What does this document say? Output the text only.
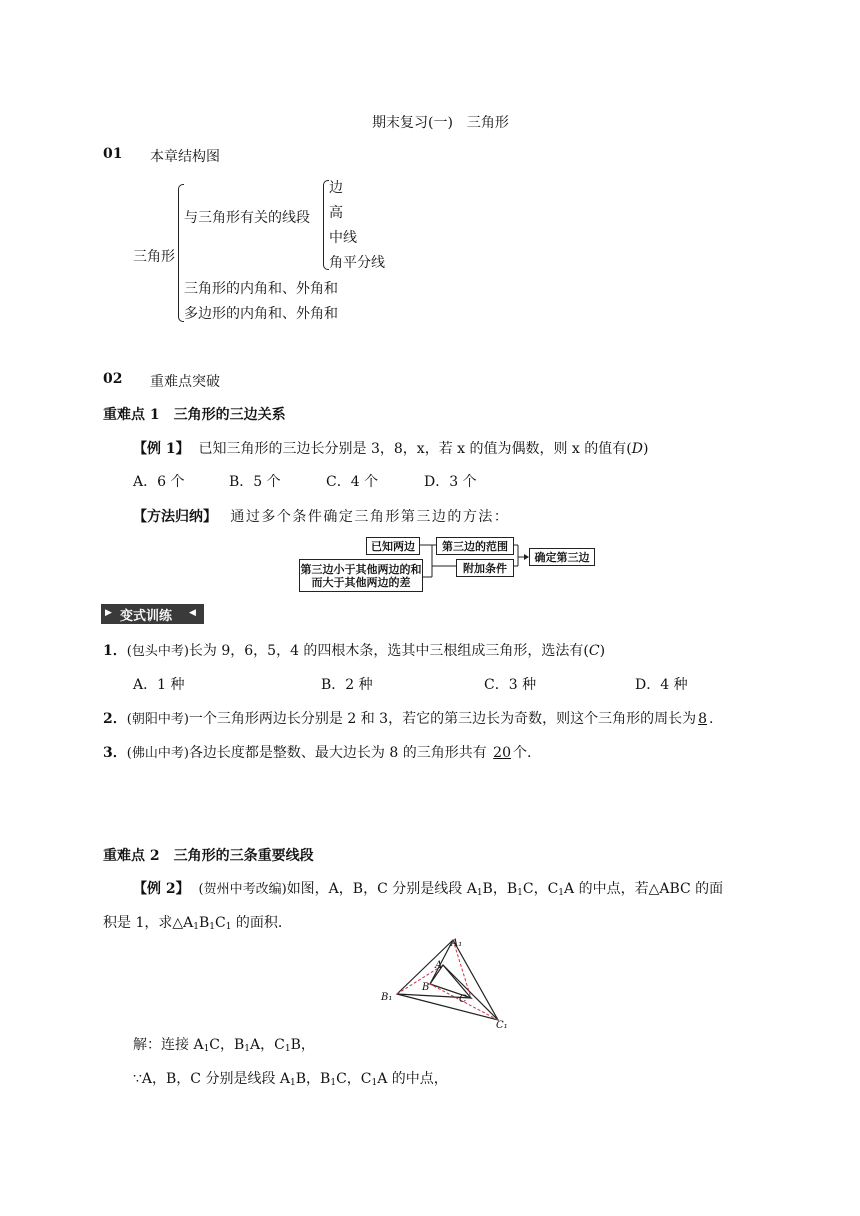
期末复习(一)　三角形
01 本章结构图
三角形
与三角形有关的线段
边
高
中线
角平分线
三角形的内角和、外角和
多边形的内角和、外角和
02 重难点突破
重难点 1　三角形的三边关系
【例 1】 已知三角形的三边长分别是 3，8，x，若 x 的值为偶数，则 x 的值有(D)
A．6 个	B．5 个	C．4 个	D．3 个
【方法归纳】 通过多个条件确定三角形第三边的方法：
已知两边
第三边小于其他两边的和而大于其他两边的差
第三边的范围
附加条件
确定第三边
▶ 变式训练 ◀
1．(包头中考)长为 9，6，5，4 的四根木条，选其中三根组成三角形，选法有(C)
A．1 种	B．2 种	C．3 种	D．4 种
2．(朝阳中考)一个三角形两边长分别是 2 和 3，若它的第三边长为奇数，则这个三角形的周长为 8 .
3．(佛山中考)各边长度都是整数、最大边长为 8 的三角形共有 20 个.
重难点 2　三角形的三条重要线段
【例 2】 (贺州中考改编)如图，A，B，C 分别是线段 $A_1B$，$B_1C$，$C_1A$ 的中点，若△ABC 的面
积是 1，求$\triangle A_1B_1C_1$ 的面积.
A
B
C
A₁
B₁
C₁
解：连接 $A_1C$，$B_1A$，$C_1B$，
∵A，B，C 分别是线段 $A_1B$，$B_1C$，$C_1A$ 的中点，
